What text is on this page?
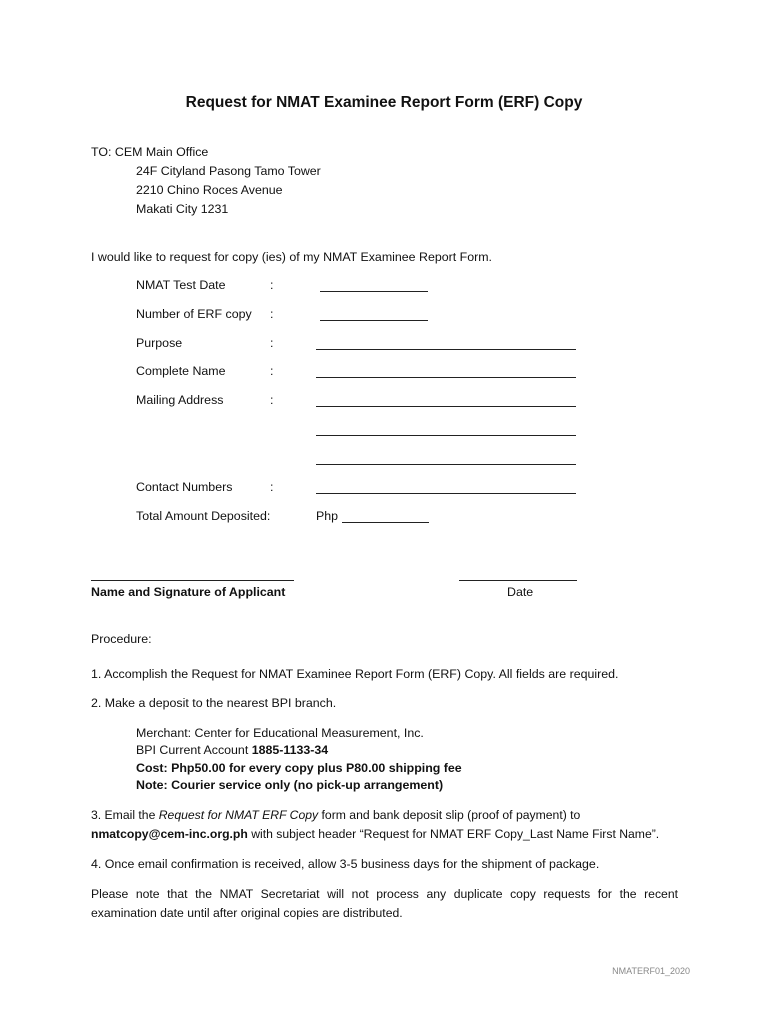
Request for NMAT Examinee Report Form (ERF) Copy
TO: CEM Main Office
24F Cityland Pasong Tamo Tower
2210 Chino Roces Avenue
Makati City 1231
I would like to request for copy (ies) of my NMAT Examinee Report Form.
NMAT Test Date	:
Number of ERF copy :
Purpose	:
Complete Name	:
Mailing Address	:
Contact Numbers	:
Total Amount Deposited:	Php
Name and Signature of Applicant	Date
Procedure:
1. Accomplish the Request for NMAT Examinee Report Form (ERF) Copy. All fields are required.
2. Make a deposit to the nearest BPI branch.
Merchant: Center for Educational Measurement, Inc.
BPI Current Account 1885-1133-34
Cost: Php50.00 for every copy plus P80.00 shipping fee
Note: Courier service only (no pick-up arrangement)
3. Email the Request for NMAT ERF Copy form and bank deposit slip (proof of payment) to nmatcopy@cem-inc.org.ph with subject header “Request for NMAT ERF Copy_Last Name First Name”.
4. Once email confirmation is received, allow 3-5 business days for the shipment of package.
Please note that the NMAT Secretariat will not process any duplicate copy requests for the recent examination date until after original copies are distributed.
NMATERF01_2020
